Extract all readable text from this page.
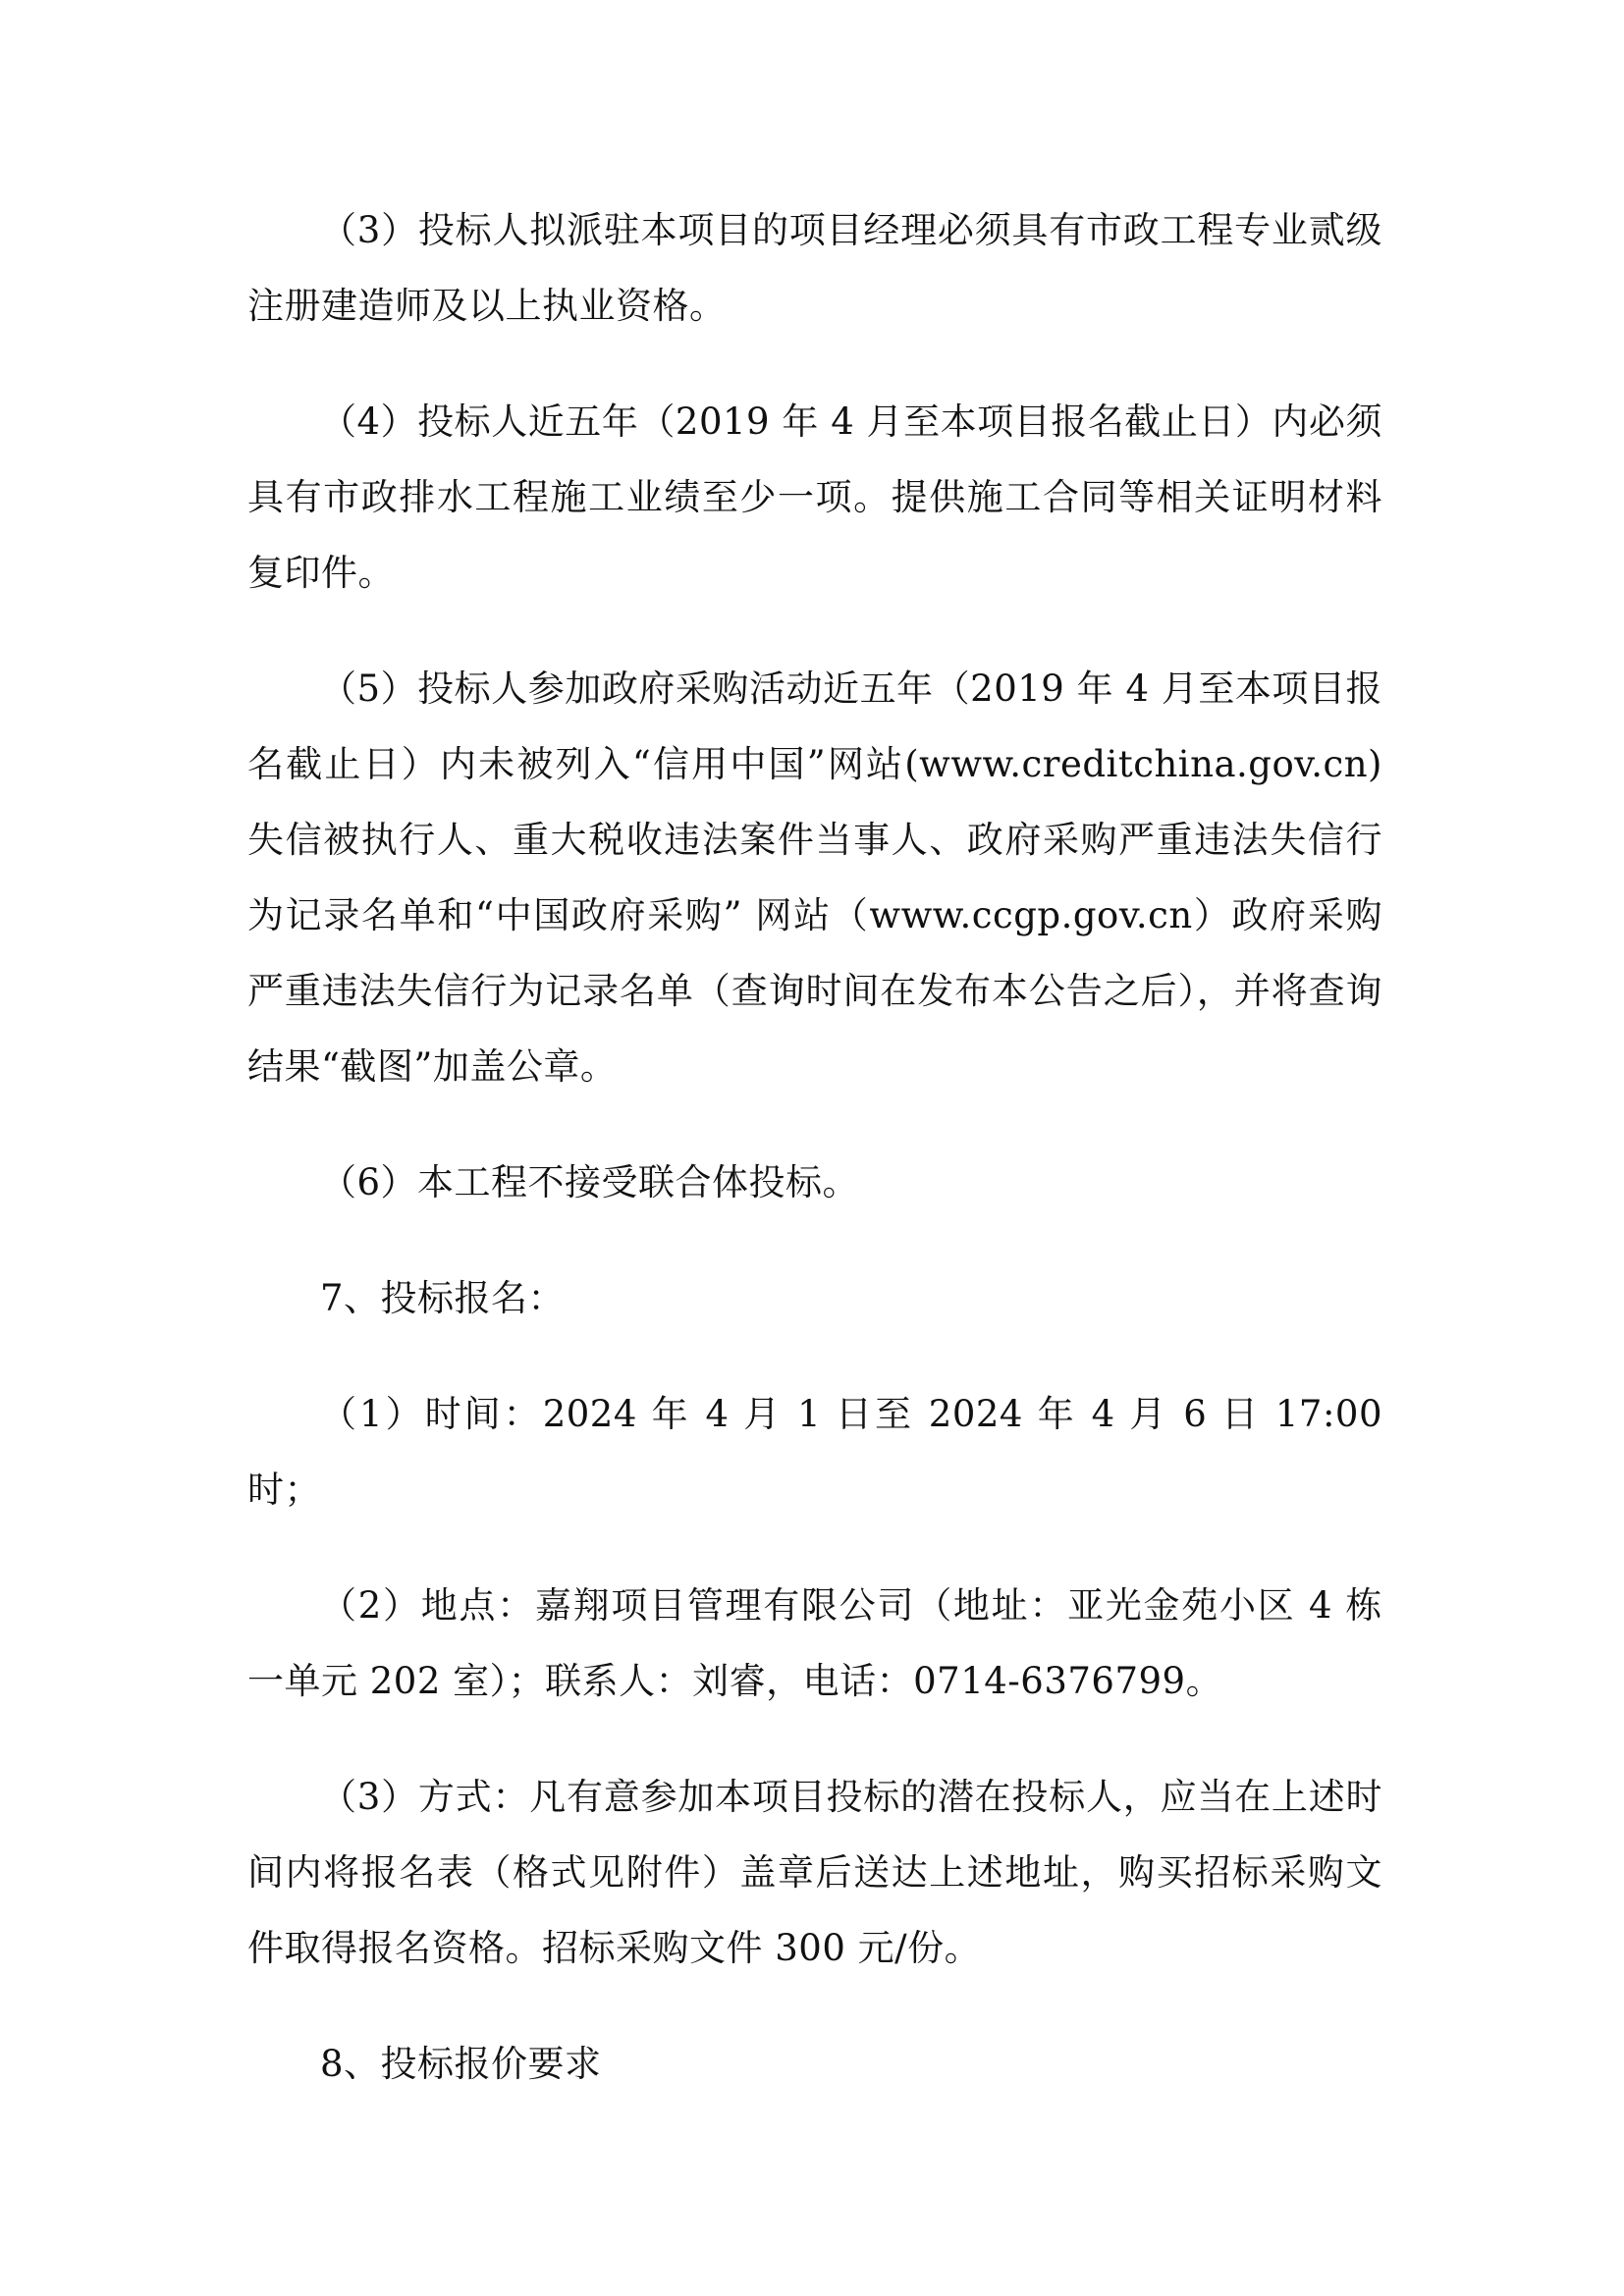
（3）投标人拟派驻本项目的项目经理必须具有市政工程专业贰级注册建造师及以上执业资格。

（4）投标人近五年（2019 年 4 月至本项目报名截止日）内必须具有市政排水工程施工业绩至少一项。提供施工合同等相关证明材料复印件。

（5）投标人参加政府采购活动近五年（2019 年 4 月至本项目报名截止日）内未被列入“信用中国”网站(www.creditchina.gov.cn)失信被执行人、重大税收违法案件当事人、政府采购严重违法失信行为记录名单和“中国政府采购” 网站（www.ccgp.gov.cn）政府采购严重违法失信行为记录名单（查询时间在发布本公告之后），并将查询结果“截图”加盖公章。

（6）本工程不接受联合体投标。

7、投标报名：

（1）时间：2024 年 4 月 1 日至 2024 年 4 月 6 日 17:00 时；

（2）地点：嘉翔项目管理有限公司（地址：亚光金苑小区 4 栋一单元 202 室）；联系人：刘睿，电话：0714-6376799。

（3）方式：凡有意参加本项目投标的潜在投标人，应当在上述时间内将报名表（格式见附件）盖章后送达上述地址，购买招标采购文件取得报名资格。招标采购文件 300 元/份。

8、投标报价要求
